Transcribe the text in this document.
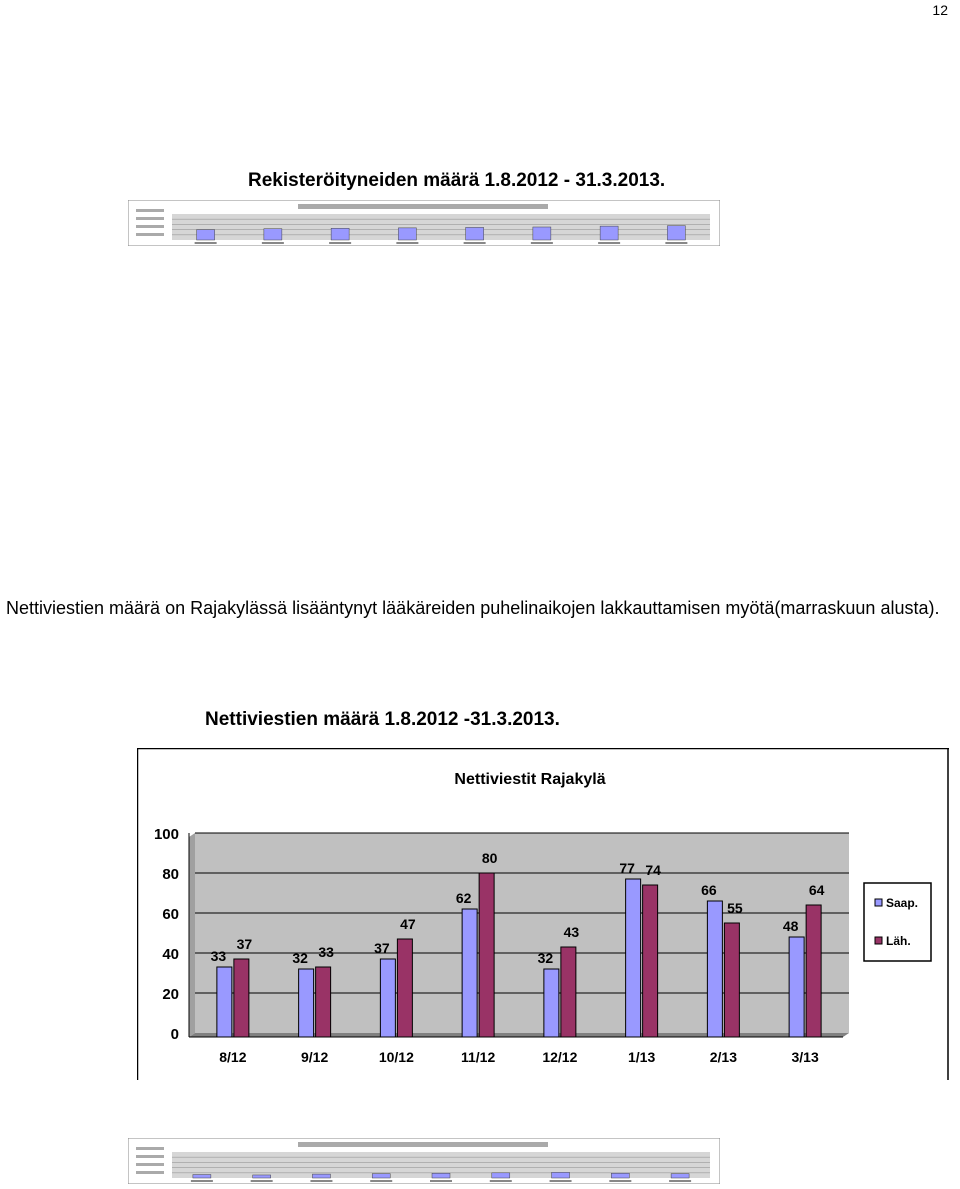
12
Rekisteröityneiden määrä 1.8.2012 - 31.3.2013.
Nettiviestien määrä on Rajakylässä lisääntynyt lääkäreiden puhelinaikojen lakkauttamisen myötä(marraskuun alusta).
Nettiviestien määrä 1.8.2012 -31.3.2013.
Nettiviestit Rajakylä
0
20
40
60
80
100
8/12
33
37
9/12
32 33
10/12
37
47
11/12
62
80
12/12
32
43
1/13
77 74
2/13
66
55
3/13
48
64
Saap.
Läh.
